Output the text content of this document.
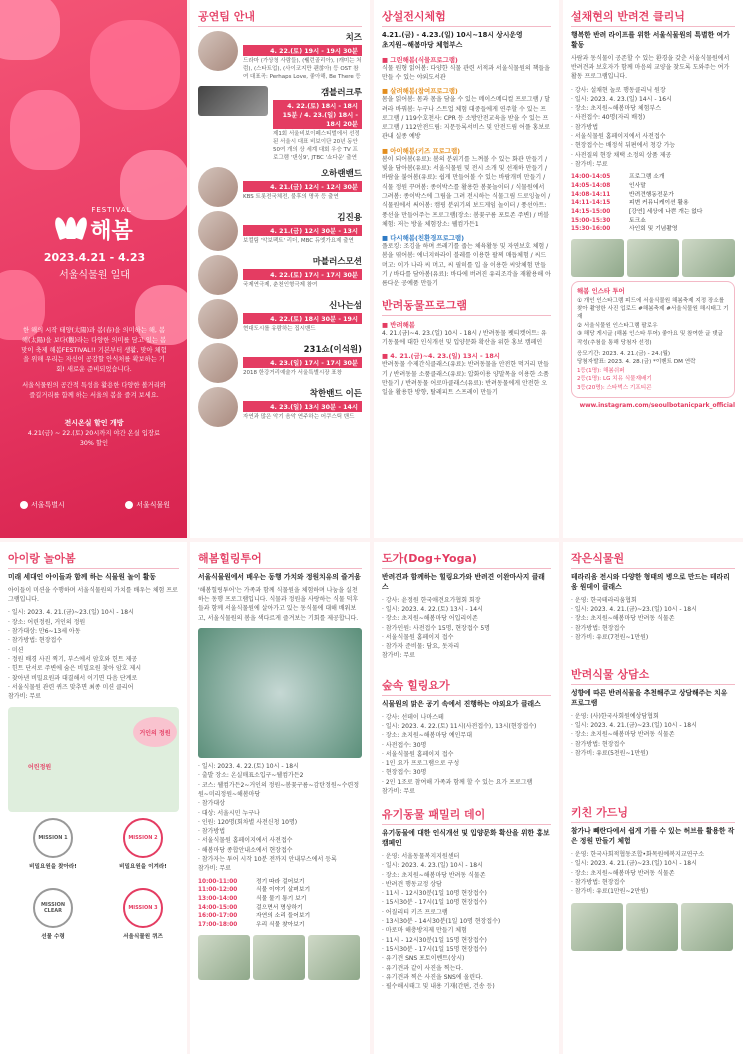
FESTIVAL
해봄
2023.4.21 - 4.23
서울식물원 일대

한 해의 시작 태양(太陽)과 봄(春)을 의미하는 해, 봄 해(太陽)을 보다(觀)라는 다양한 의미를 담고 있는 봄맞이 축제 해봄FESTIVAL!! 기본부터 생활, 맞아 체험을 위해 우리는 자신이 공감할 안식처를 확보하는 기회! 새로운 준비되었습니다.

서울식물원의 공간적 특성을 활용한 다양한 볼거리와 즐길거리를 함께 하는 서울의 봄을 즐겨 보세요.

전시온실 할인 개방
4.21(금) ~ 22.(토) 20시까지 야간 온실 입장료 30% 할인
서울특별시	서울식물원
공연팀 안내
치즈
4. 22.(토) 19시 - 19시 30분
드라마 (가상청 사람들), (뷀런골리아), (캐미는 처럼), (스타트업), (사이코지만 괜찮아) 등 OST 참여 대표곡: Perhaps Love, 좋아해, Be There 등
갬블러크루
4. 22.(토) 18시 - 18시 15분 / 4. 23.(일) 18시 - 18시 20분
제1회 서울비보이페스티벌에서 선정된 서울시 대표 비보이단 20년 동안 50여 개의 상 세계 대회 우승 TV 프로그램 '댄싱9', JTBC '쇼다운' 출연
오하랜밴드
4. 21.(금) 12시 - 12시 30분
KBS 트롯전국체전, 불후의 명곡 등 출연
김진용
4. 21.(금) 12시 30분 - 13시
보컬팀 '악보팩트' 리더, MBC 듀엣가요제 출연
마블러스모션
4. 22.(토) 17시 - 17시 30분
국제연극제, 춘천인형극제 참여
신나는섬
4. 22.(토) 18시 30분 - 19시
현대도시를 유람하는 집시밴드
231쇼(이석원)
4. 23.(일) 17시 - 17시 30분
2018 한강거리예술가 서울특별시장 표창
착한밴드 이든
4. 23.(일) 13시 30분 - 14시
자연과 많은 악기 음악 연주하는 어쿠스틱 밴드
상설전시체험
4.21.(금) - 4.23.(일) 10시~18시 상시운영
초지원~해봄마당 체험부스
■ 그린해봄(식물프로그램)
식물 원형 읽어봄: 다양한 식물 관련 서적과 서울식물원의 책들을 만들 수 있는 야외도서관
■ 살려해봄(참여프로그램)
몸을 읽어봄: 몸과 몸을 담을 수 있는 메이스메디컬 프로그램 / 달려라 바꿔봄: 누구나 스트업 체험 대중들에게 연주할 수 있는 프로그램 / 119수호천사: CPR 등 소방안전교육을 받을 수 있는 프로그램 / 112안전드림: 지문등록서비스 및 안전드림 어플 홍보로 관내 실종 예방
■ 아이해봄(키즈 프로그램)
봄이 되어봄(유료): 봄의 분위기를 느껴볼 수 있는 화관 만들기 / 빛을 담아봄(유료): 서울식물원 및 전시 소개 및 선재하 만들기 / 바람을 불어봄(유료): 쉽게 만들어볼 수 있는 바람개비 만들기 / 식물 정원 꾸며봄: 종이박스를 활용한 봄꽃놀이터 / 식물원에서 그려봄: 종이박스에 그림을 그려 전시하는 식물그림 드로잉놀이 / 식물원에서 써어봄: 캠핑 분위기의 보드게임 놀이터 / 풍선아트: 풍선을 만들어주는 프로그램(장소: 봄꽃구름 포토존 주변) / 버블체험: 저는 방울 체험장소: 웰컴가든1
■ 다시해봄(친환경프로그램)
플로킹: 조깅을 하며 쓰레기를 줍는 체육활동 및 자연보호 체험 / 봄을 엮어봄: 에너지하라이 블레를 이용한 팔찌 매듭체험 / 씨드머고: 이가 나라 씨 머고, 씨 필히를 입 을 이용한 씨앗체험 만들기 / 바다를 담아봄(유료): 바다에 버려진 유리조각을 재활용해 아름다운 공예품 만들기
반려동물프로그램
■ 반려해봄
4. 21.(금)~4. 23.(일) 10시 - 18시 / 반려동물 펫티켓어트: 유기동물에 대한 인식개선 및 입양문화 확산을 위한 홍보 캠페인
■ 4. 21.(금)~4. 23.(일) 13시 - 18시
반려동물 수제간식클래스(유료): 반려동물을 안전한 먹거리 만들기 / 반려동물 소품클래스(유료): 압화이용 양말목을 이용한 소품만들기 / 반려동물 어로마클래스(유료): 반려동물에게 안전한 오일을 활용한 방향, 탈레피트 스프레이 만들기
설채현의 반려견 클리닉
행복한 반려 라이프를 위한 서울식물원의 특별한 여가활동
사람과 동식물이 공존할 수 있는 환경을 갖춘 서울식물원에서 반려견과 보호자가 함께 마음의 교양을 찾도록 도와주는 여가활동 프로그램입니다.
· 강사: 설채현 놀로 행동클리닉 원장
· 일시: 2023. 4. 23.(일) 14시 - 16시
· 장소: 초지원~해봄마당 체험부스
· 사전접수: 40명(자리 배정)
· 참가방법
· 서울식물원 홈페이지에서 사전접수
· 현장접수는 배정석 뒤편에서 청강 가능
· 사전질의 현장 채택 소정의 상품 제공
· 참가비: 무료
14:00-14:05	프로그램 소개
14:05-14:08	인사말
14:08-14:11	반려견행동전문가
14:11-14:15	피변 커뮤니케이션 활용
14:15-15:00	[강연] 세상에 나쁜 개는 없다
15:00-15:30	토크쇼
15:30-16:00	사인회 및 기념촬영
해봄 인스타 투어
① 개인 인스타그램 피드에 서울식물원 해봄축제 지정 장소를 찾아 촬영한 사진 업로드 #해봄축제 #서울식물원 해시태그 기재
② 서울식물원 인스타그램 팔로우
③ 해당 게시글 (해봄 인스타 투어) 좋아요 및 참여한 글 댓글 작성(추첨을 통해 당첨자 선정)
응모기간: 2023. 4. 21.(금) - 24.(월)
당첨자발표: 2023. 4. 28.(금) *이벤트 DM 연락
1등(1명): 해봄쉬퍼
2등(1명): LG 치유 식물재배기
3등(20명): 스타벅스 기프티콘
www.instagram.com/seoulbotanicpark_official
아이랑 놀아봄
미래 세대인 아이들과 함께 하는 식물원 놀이 활동
아이들이 미션을 수행하며 서울식물원의 가치를 배우는 체험 프로그램입니다.
· 일시: 2023. 4. 21.(금)~23.(일) 10시 - 18시
· 장소: 어린정원, 거인의 정원
· 참가대상: 만6~13세 아동
· 참가방법: 현장접수
· 미션
· 정원 배경 사진 찍기, 부스에서 암호와 힌트 제공
· 힌트 단서로 주변에 숨은 비밀요원 찾아 암호 제시
· 찾아낸 비밀요원과 대결해서 이기면 다음 단계로
· 서울식물원 관련 퀴즈 맞추면 최종 미션 클리어
참가비: 무료
거인의 정원
어린정원
MISSION 1
비밀요원을 찾아라!
MISSION 2
비밀요원을 이겨라!
MISSION 3
서울식물원 퀴즈
MISSION CLEAR
선물 수령
해봄힐링투어
서울식물원에서 배우는 동행 가치와 정원치유의 즐거움
'해봄힐링투어'는 가족과 함께 식물원을 체험하며 나눔을 실천하는 동행 프로그램입니다. 식물과 정원을 사랑하는 식물 덕후들과 함께 서울식물원에 살아가고 있는 동식물에 대해 배워보고, 서울식물원의 봄을 색다르게 즐겨보는 기회를 제공합니다.
· 일시: 2023. 4. 22.(토) 10시 - 18시
· 출발 장소: 온실매표소입구~웰컴가든2
· 코스: 웰컴가든2~거인의 정원~봄꽃구름~감탄정원~수련정원~미리정원~해봄마당
· 참가대상
· 대상: 서울시민 누구나
· 인원: 120명(회차별 사전신청 10명)
· 참가방법
· 서울식물원 홈페이지에서 사전접수
· 해봄마당 종합안내소에서 현장접수
· 참가자는 투어 시작 10분 전까지 안내부스에서 등록
참가비: 무료
10:00-11:00	정기 따라 걸어보기
11:00-12:00	식물 이야기 살펴보기
13:00-14:00	식물 물기 통기 보기
14:00-15:00	걸으면서 명상하기
16:00-17:00	자연의 소리 들어보기
17:00-18:00	우리 식물 찾아보기
도가(Dog+Yoga)
반려견과 함께하는 힐링요가와 반려견 이완마사지 클래스
· 강사: 윤정원 한국애견요가협회 회장
· 일시: 2023. 4. 22.(토) 13시 - 14시
· 장소: 초지원~해봄마당 어입리이존
· 참가인원: 사전접수 15명, 현장접수 5명
· 서울식물원 홈페이지 접수
· 참가자 준비물: 담요, 돗자리
참가비: 무료
숲속 힐링요가
식물원의 맑은 공기 속에서 진행하는 야외요가 클래스
· 강사: 선데이 나마스테
· 일시: 2023. 4. 22.(토) 11시(사전접수), 13시(현장접수)
· 장소: 초지원~해봄마당 예인무대
· 사전접수: 30명
· 서울식물원 홈페이지 접수
· 1인 요가 프로그램으로 구성
· 현장접수: 30명
· 2인 1조로 참여해 가족과 함께 할 수 있는 요가 프로그램
참가비: 무료
유기동물 패밀리 데이
유기동물에 대한 인식개선 및 입양문화 확산을 위한 홍보 캠페인
· 운영: 서울동물복지지원센터
· 일시: 2023. 4. 23.(일) 10시 - 18시
· 장소: 초지원~해봄마당 반려동 식물존
· 반려견 행동교정 상담
· 11시 - 12시30분(1일 10명 현장접수)
· 15시30분 - 17시(1일 10명 현장접수)
· 어질리티 키즈 프로그램
· 13시30분 - 14시30분(1일 10명 현장접수)
· 마로마 해충방지제 만들기 체험
· 11시 - 12시30분(1일 15명 현장접수)
· 15시30분 - 17시(1일 15명 현장접수)
· 유기견 SNS 포토이벤트(상시)
· 유기견과 같이 사진을 찍는다.
· 유기견과 찍은 사진을 SNS에 올린다.
· 필수해시태그 및 내용 기재(간편, 건송 등)
작은식물원
테라리움 전시와 다양한 형태의 병으로 만드는 테라리움 원데이 클래스
· 운영: 한국테라리움협회
· 일시: 2023. 4. 21.(금)~23.(일) 10시 - 18시
· 장소: 초지원~해봄마당 반려동 식물존
· 참가방법: 현장접수
· 참가비: 유료(7천원~1만원)
반려식물 상담소
성향에 따른 반려식물을 추천해주고 상담해주는 치유 프로그램
· 운영: (사)한국사회원예상담협회
· 일시: 2023. 4. 21.(금)~23.(일) 10시 - 18시
· 장소: 초지원~해봄마당 반려동 식물존
· 참가방법: 현장접수
· 참가비: 유료(5천원~1만원)
키친 가드닝
참가나 빼란다에서 쉽게 기를 수 있는 허브를 활용한 작은 정원 만들기 체험
· 운영: 한국사회적협동조합•화목원예복지교연구소
· 일시: 2023. 4. 21.(금)~23.(일) 10시 - 18시
· 장소: 초지원~해봄마당 반려동 식물존
· 참가방법: 현장접수
· 참가비: 유료(1만원~2만원)
